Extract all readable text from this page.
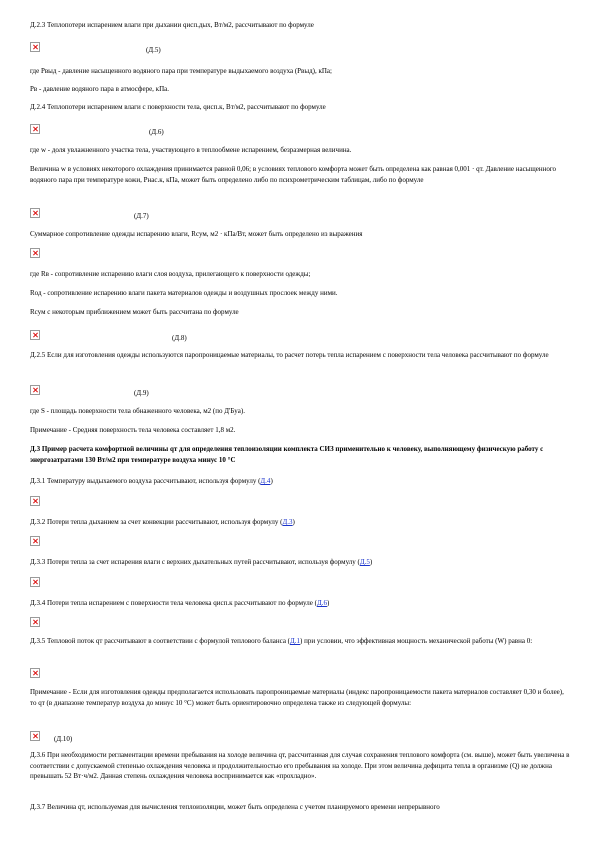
Д.2.3 Теплопотери испарением влаги при дыхании qисп.дых, Вт/м2, рассчитывают по формуле
(Д.5)
где Рвыд - давление насыщенного водяного пара при температуре выдыхаемого воздуха (Рвыд), кПа;
Рв - давление водяного пара в атмосфере, кПа.
Д.2.4 Теплопотери испарением влаги с поверхности тела, qисп.к, Вт/м2, рассчитывают по формуле
(Д.6)
где w - доля увлажненного участка тела, участвующего в теплообмене испарением, безразмерная величина.
Величина w в условиях некоторого охлаждения принимается равной 0,06; в условиях теплового комфорта может быть определена как равная 0,001 · qт. Давление насыщенного водяного пара при температуре кожи, Рнас.к, кПа, может быть определено либо по психрометрическим таблицам, либо по формуле
(Д.7)
Суммарное сопротивление одежды испарению влаги, Rсум, м2 · кПа/Вт, может быть определено из выражения
где Rв - сопротивление испарению влаги слоя воздуха, прилегающего к поверхности одежды;
Rод - сопротивление испарению влаги пакета материалов одежды и воздушных прослоек между ними.
Rсум с некоторым приближением может быть рассчитана по формуле
(Д.8)
Д.2.5 Если для изготовления одежды используются паропроницаемые материалы, то расчет потерь тепла испарением с поверхности тела человека рассчитывают по формуле
(Д.9)
где S - площадь поверхности тела обнаженного человека, м2 (по Д'Бyа).
Примечание - Средняя поверхность тела человека составляет 1,8 м2.
Д.3 Пример расчета комфортной величины qт для определения теплоизоляции комплекта СИЗ применительно к человеку, выполняющему физическую работу с энергозатратами 130 Вт/м2 при температуре воздуха минус 10 °С
Д.3.1 Температуру выдыхаемого воздуха рассчитывают, используя формулу (Д.4)
Д.3.2 Потери тепла дыханием за счет конвекции рассчитывают, используя формулу (Д.3)
Д.3.3 Потери тепла за счет испарения влаги с верхних дыхательных путей рассчитывают, используя формулу (Д.5)
Д.3.4 Потери тепла испарением с поверхности тела человека qисп.к рассчитывают по формуле (Д.6)
Д.3.5 Тепловой поток qт рассчитывают в соответствии с формулой теплового баланса (Д.1) при условии, что эффективная мощность механической работы (W) равна 0:
Примечание - Если для изготовления одежды предполагается использовать паропроницаемые материалы (индекс паропроницаемости пакета материалов составляет 0,30 и более), то qт (в диапазоне температур воздуха до минус 10 °С) может быть ориентировочно определена также из следующей формулы:
(Д.10)
Д.3.6 При необходимости регламентации времени пребывания на холоде величина qт, рассчитанная для случая сохранения теплового комфорта (см. выше), может быть увеличена в соответствии с допускаемой степенью охлаждения человека и продолжительностью его пребывания на холоде. При этом величина дефицита тепла в организме (Q) не должна превышать 52 Вт·ч/м2. Данная степень охлаждения человека воспринимается как «прохладно».
Д.3.7 Величина qт, используемая для вычисления теплоизоляции, может быть определена с учетом планируемого времени непрерывного
